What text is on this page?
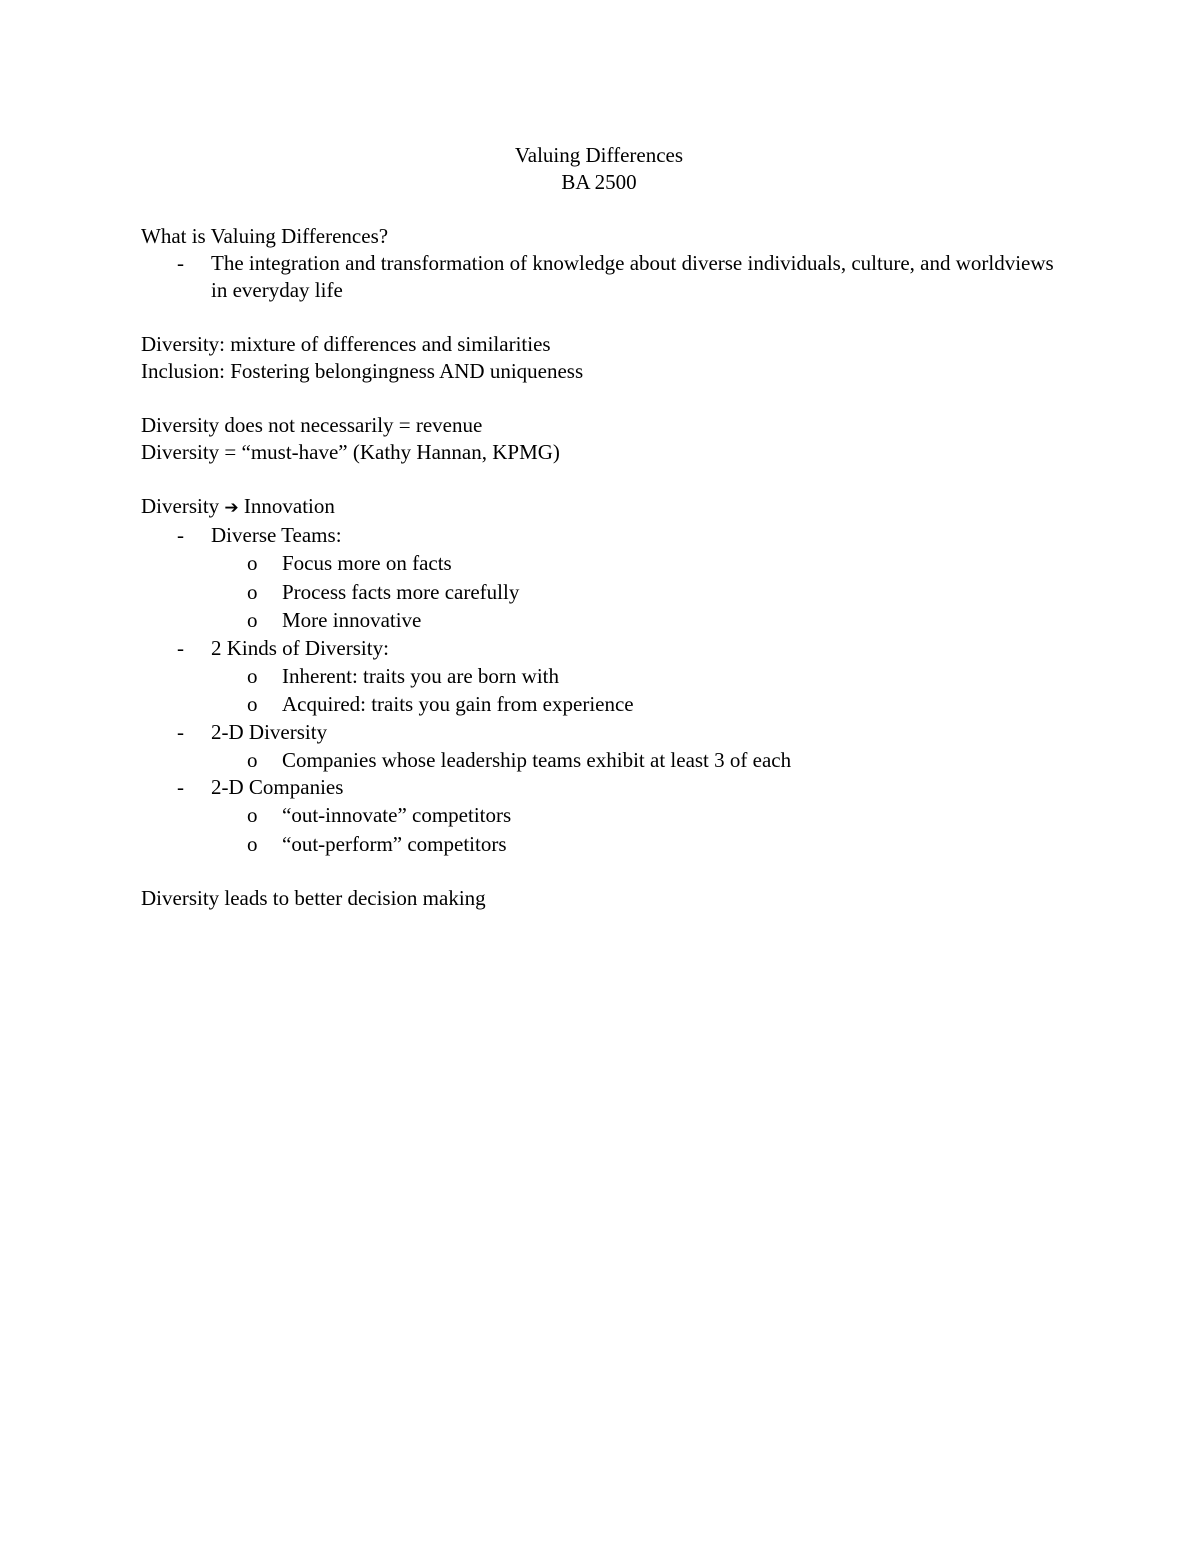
Valuing Differences
BA 2500
What is Valuing Differences?
- The integration and transformation of knowledge about diverse individuals, culture, and worldviews in everyday life
Diversity: mixture of differences and similarities
Inclusion: Fostering belongingness AND uniqueness
Diversity does not necessarily = revenue
Diversity = “must-have” (Kathy Hannan, KPMG)
Diversity ➔ Innovation
- Diverse Teams:
o Focus more on facts
o Process facts more carefully
o More innovative
- 2 Kinds of Diversity:
o Inherent: traits you are born with
o Acquired: traits you gain from experience
- 2-D Diversity
o Companies whose leadership teams exhibit at least 3 of each
- 2-D Companies
o “out-innovate” competitors
o “out-perform” competitors
Diversity leads to better decision making
